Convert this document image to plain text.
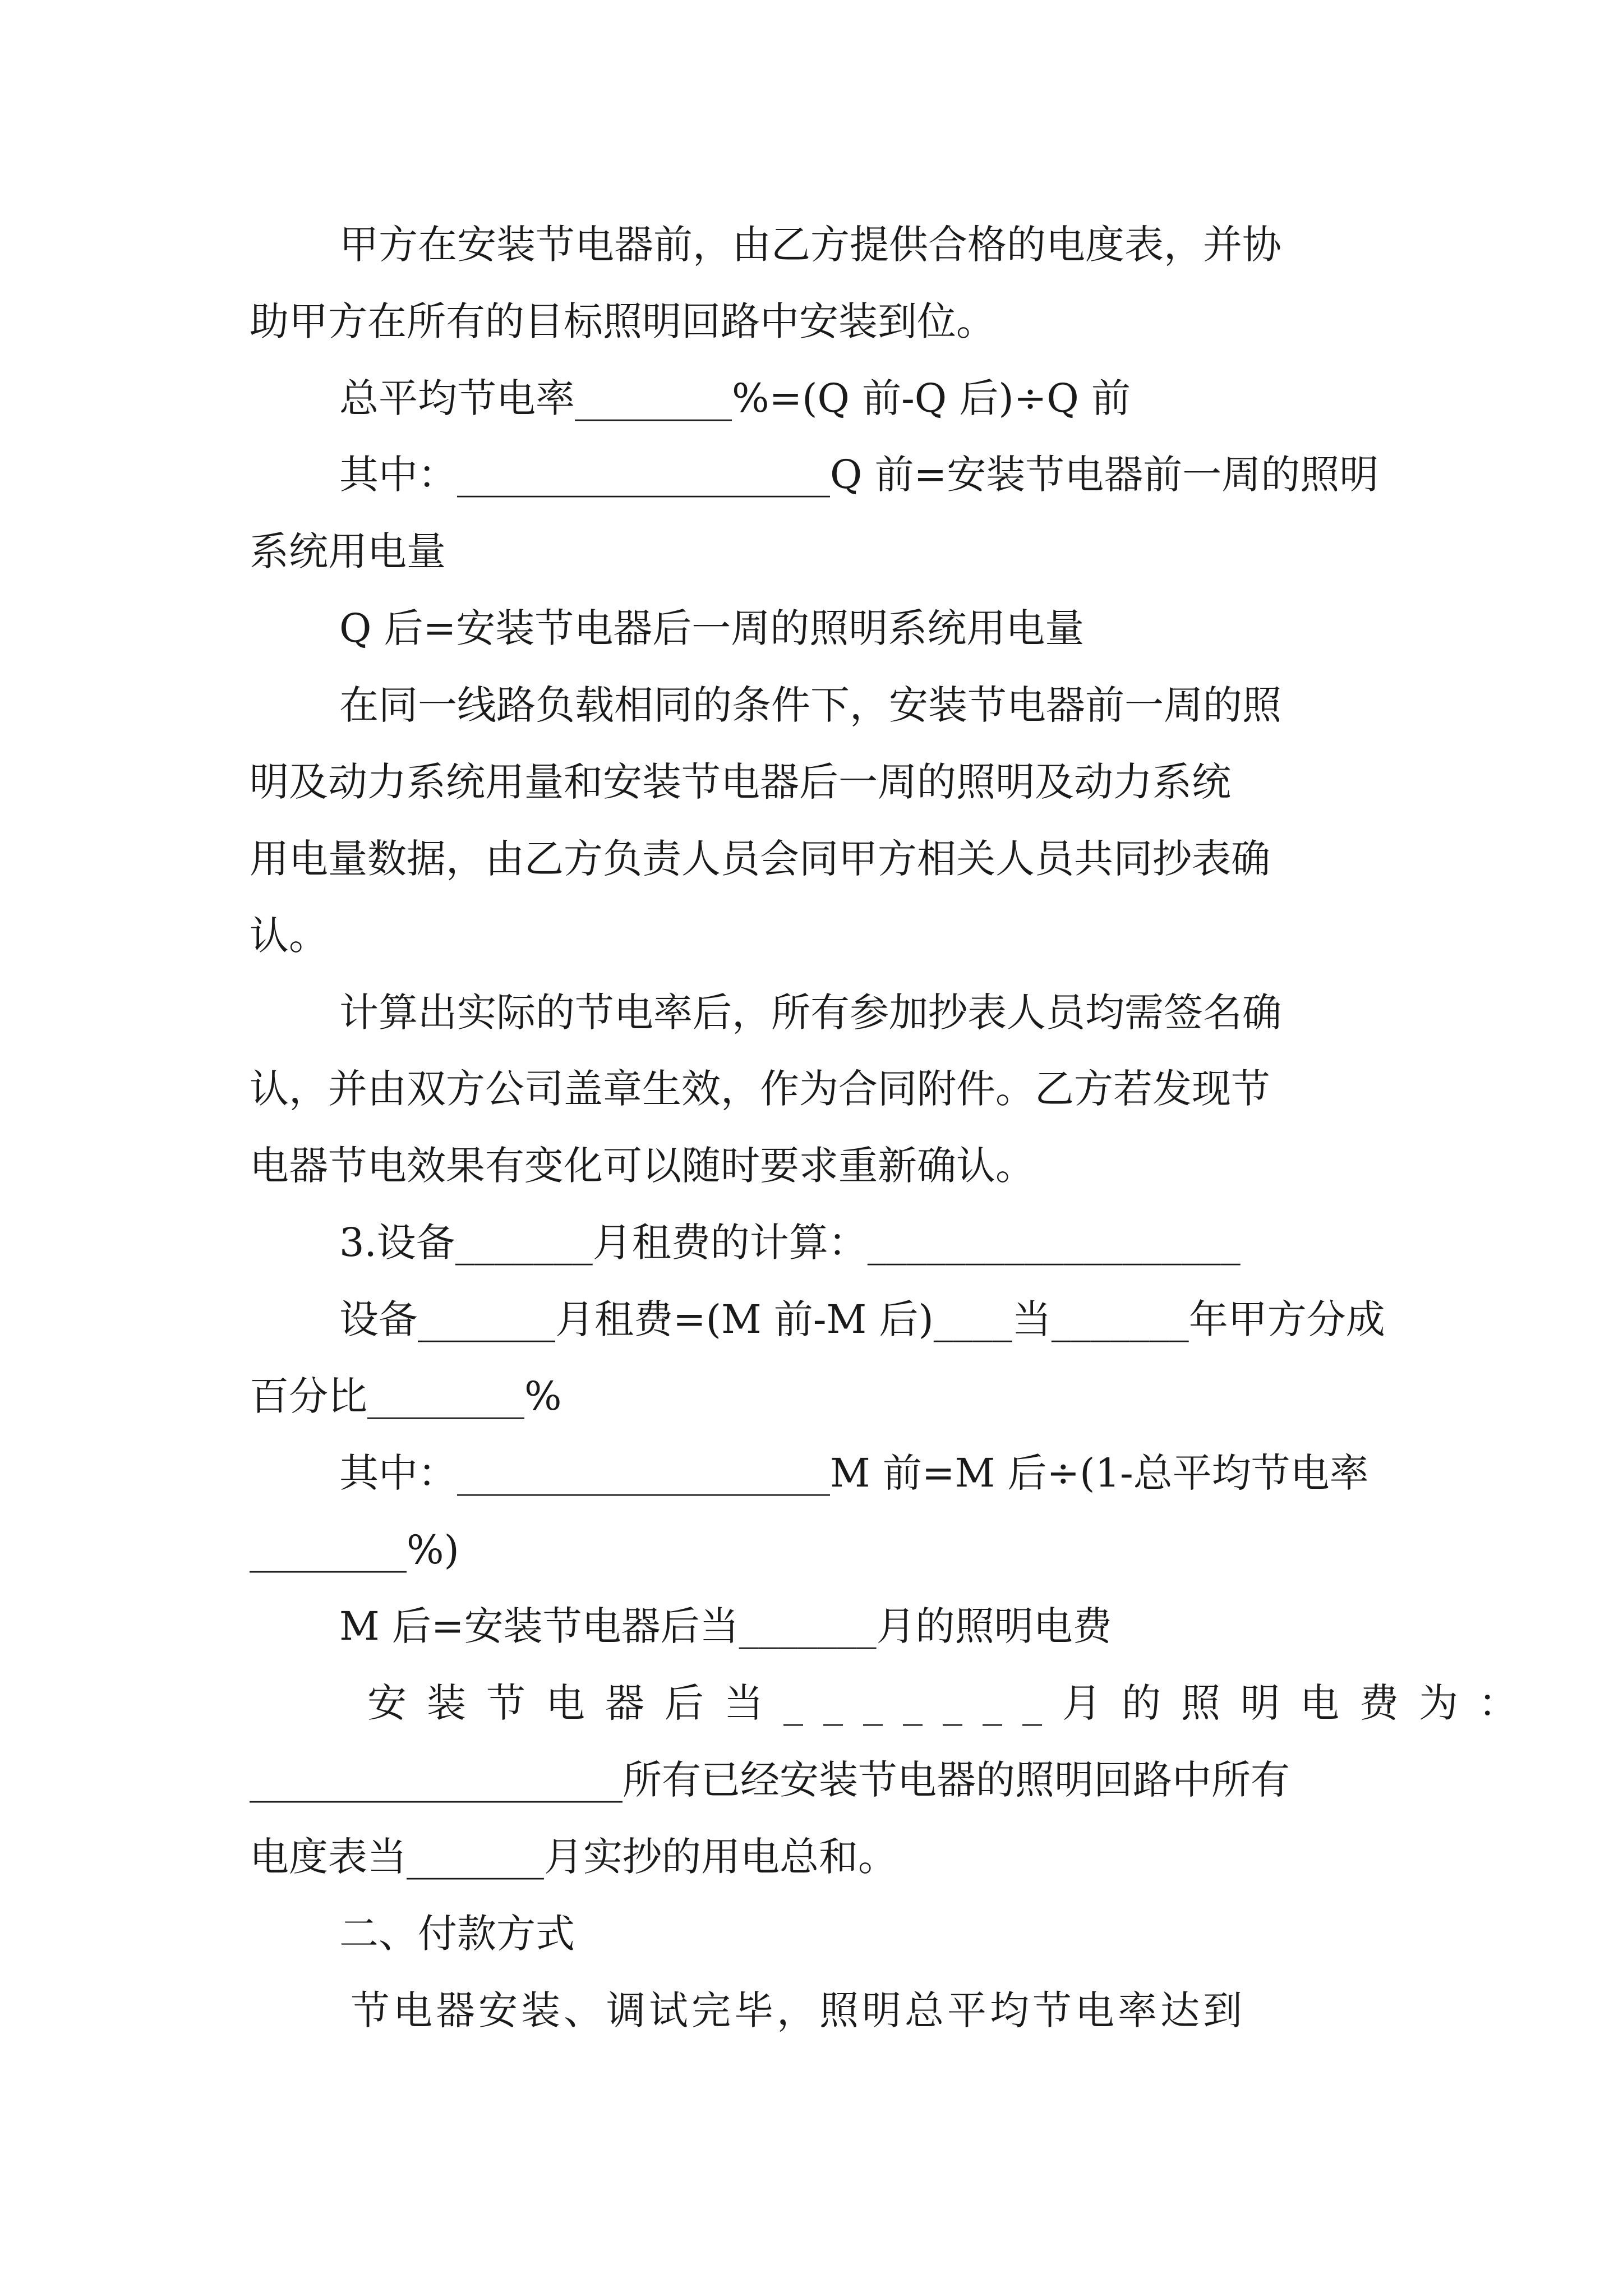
甲方在安装节电器前，由乙方提供合格的电度表，并协

助甲方在所有的目标照明回路中安装到位。

总平均节电率________%=(Q 前-Q 后)÷Q 前

其中：___________________Q 前=安装节电器前一周的照明

系统用电量

Q 后=安装节电器后一周的照明系统用电量

在同一线路负载相同的条件下，安装节电器前一周的照

明及动力系统用量和安装节电器后一周的照明及动力系统

用电量数据，由乙方负责人员会同甲方相关人员共同抄表确

认。

计算出实际的节电率后，所有参加抄表人员均需签名确

认，并由双方公司盖章生效，作为合同附件。乙方若发现节

电器节电效果有变化可以随时要求重新确认。

3.设备_______月租费的计算：___________________

设备_______月租费=(M 前-M 后)____当_______年甲方分成

百分比________%

其中：___________________M 前=M 后÷(1-总平均节电率

________%)

M 后=安装节电器后当_______月的照明电费

安装节电器后当_______月的照明电费为：

___________________所有已经安装节电器的照明回路中所有

电度表当_______月实抄的用电总和。

二、付款方式

节电器安装、调试完毕，照明总平均节电率达到
